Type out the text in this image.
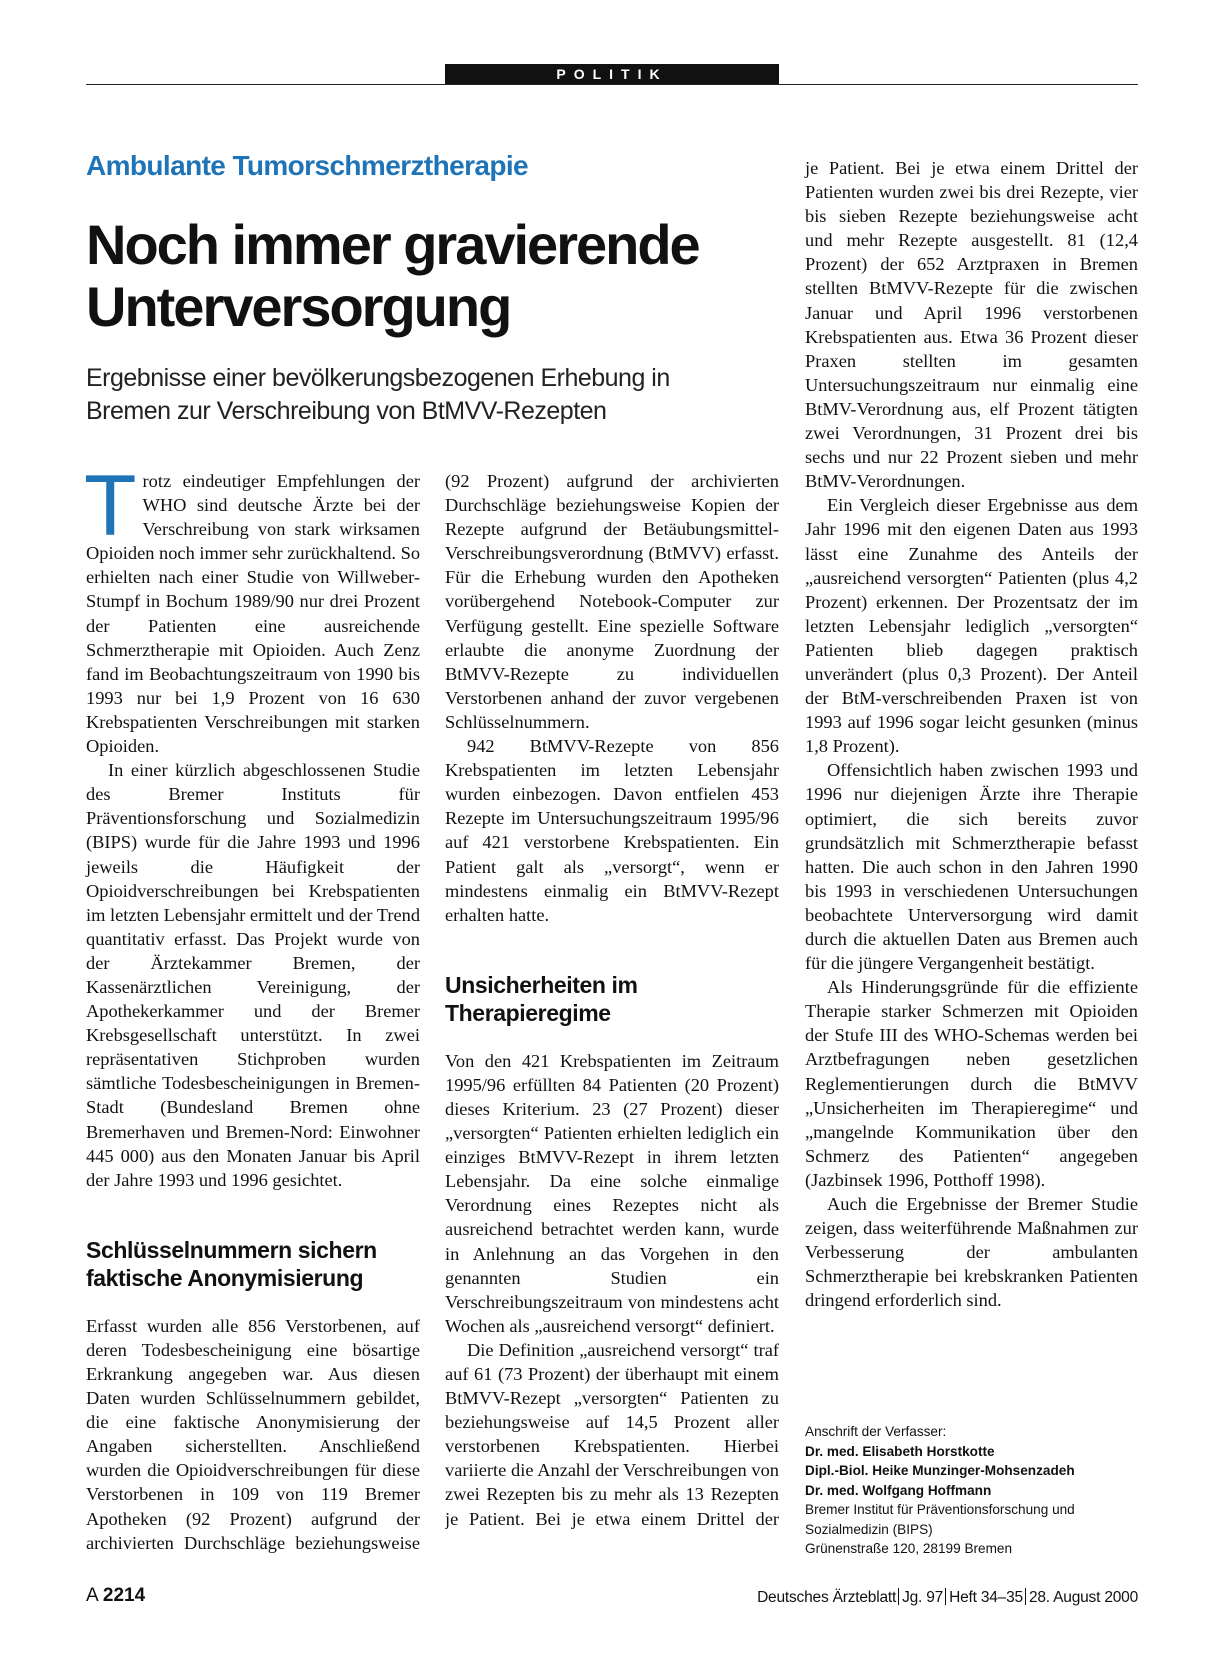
POLITIK
Ambulante Tumorschmerztherapie
Noch immer gravierende
Unterversorgung
Ergebnisse einer bevölkerungsbezogenen Erhebung in
Bremen zur Verschreibung von BtMVV-Rezepten

Trotz eindeutiger Empfehlungen der WHO sind deutsche Ärzte bei der Verschreibung von stark wirksamen Opioiden noch immer sehr zurückhaltend. So erhielten nach einer Studie von Willweber-Stumpf in Bochum 1989/90 nur drei Prozent der Patienten eine ausreichende Schmerztherapie mit Opioiden. Auch Zenz fand im Beobachtungszeitraum von 1990 bis 1993 nur bei 1,9 Prozent von 16 630 Krebspatienten Verschreibungen mit starken Opioiden.

In einer kürzlich abgeschlossenen Studie des Bremer Instituts für Präventionsforschung und Sozialmedizin (BIPS) wurde für die Jahre 1993 und 1996 jeweils die Häufigkeit der Opioidverschreibungen bei Krebspatienten im letzten Lebensjahr ermittelt und der Trend quantitativ erfasst. Das Projekt wurde von der Ärztekammer Bremen, der Kassenärztlichen Vereinigung, der Apothekerkammer und der Bremer Krebsgesellschaft unterstützt. In zwei repräsentativen Stichproben wurden sämtliche Todesbescheinigungen in Bremen-Stadt (Bundesland Bremen ohne Bremerhaven und Bremen-Nord: Einwohner 445 000) aus den Monaten Januar bis April der Jahre 1993 und 1996 gesichtet.

Schlüsselnummern sichern faktische Anonymisierung

Erfasst wurden alle 856 Verstorbenen, auf deren Todesbescheinigung eine bösartige Erkrankung angegeben war. Aus diesen Daten wurden Schlüsselnummern gebildet, die eine faktische Anonymisierung der Angaben sicherstellten. Anschließend wurden die Opioidverschreibungen für diese Verstorbenen in 109 von 119 Bremer Apotheken (92 Prozent) aufgrund der archivierten Durchschläge beziehungsweise

(92 Prozent) aufgrund der archivierten Durchschläge beziehungsweise Kopien der Rezepte aufgrund der Betäubungsmittel-Verschreibungsverordnung (BtMVV) erfasst. Für die Erhebung wurden den Apotheken vorübergehend Notebook-Computer zur Verfügung gestellt. Eine spezielle Software erlaubte die anonyme Zuordnung der BtMVV-Rezepte zu individuellen Verstorbenen anhand der zuvor vergebenen Schlüsselnummern.

942 BtMVV-Rezepte von 856 Krebspatienten im letzten Lebensjahr wurden einbezogen. Davon entfielen 453 Rezepte im Untersuchungszeitraum 1995/96 auf 421 verstorbene Krebspatienten. Ein Patient galt als „versorgt“, wenn er mindestens einmalig ein BtMVV-Rezept erhalten hatte.

Unsicherheiten im Therapieregime

Von den 421 Krebspatienten im Zeitraum 1995/96 erfüllten 84 Patienten (20 Prozent) dieses Kriterium. 23 (27 Prozent) dieser „versorgten“ Patienten erhielten lediglich ein einziges BtMVV-Rezept in ihrem letzten Lebensjahr. Da eine solche einmalige Verordnung eines Rezeptes nicht als ausreichend betrachtet werden kann, wurde in Anlehnung an das Vorgehen in den genannten Studien ein Verschreibungszeitraum von mindestens acht Wochen als „ausreichend versorgt“ definiert.

Die Definition „ausreichend versorgt“ traf auf 61 (73 Prozent) der überhaupt mit einem BtMVV-Rezept „versorgten“ Patienten zu beziehungsweise auf 14,5 Prozent aller verstorbenen Krebspatienten. Hierbei variierte die Anzahl der Verschreibungen von zwei Rezepten bis zu mehr als 13 Rezepten je Patient. Bei je etwa einem Drittel der

je Patient. Bei je etwa einem Drittel der Patienten wurden zwei bis drei Rezepte, vier bis sieben Rezepte beziehungsweise acht und mehr Rezepte ausgestellt. 81 (12,4 Prozent) der 652 Arztpraxen in Bremen stellten BtMVV-Rezepte für die zwischen Januar und April 1996 verstorbenen Krebspatienten aus. Etwa 36 Prozent dieser Praxen stellten im gesamten Untersuchungszeitraum nur einmalig eine BtMV-Verordnung aus, elf Prozent tätigten zwei Verordnungen, 31 Prozent drei bis sechs und nur 22 Prozent sieben und mehr BtMV-Verordnungen.

Ein Vergleich dieser Ergebnisse aus dem Jahr 1996 mit den eigenen Daten aus 1993 lässt eine Zunahme des Anteils der „ausreichend versorgten“ Patienten (plus 4,2 Prozent) erkennen. Der Prozentsatz der im letzten Lebensjahr lediglich „versorgten“ Patienten blieb dagegen praktisch unverändert (plus 0,3 Prozent). Der Anteil der BtM-verschreibenden Praxen ist von 1993 auf 1996 sogar leicht gesunken (minus 1,8 Prozent).

Offensichtlich haben zwischen 1993 und 1996 nur diejenigen Ärzte ihre Therapie optimiert, die sich bereits zuvor grundsätzlich mit Schmerztherapie befasst hatten. Die auch schon in den Jahren 1990 bis 1993 in verschiedenen Untersuchungen beobachtete Unterversorgung wird damit durch die aktuellen Daten aus Bremen auch für die jüngere Vergangenheit bestätigt.

Als Hinderungsgründe für die effiziente Therapie starker Schmerzen mit Opioiden der Stufe III des WHO-Schemas werden bei Arztbefragungen neben gesetzlichen Reglementierungen durch die BtMVV „Unsicherheiten im Therapieregime“ und „mangelnde Kommunikation über den Schmerz des Patienten“ angegeben (Jazbinsek 1996, Potthoff 1998).

Auch die Ergebnisse der Bremer Studie zeigen, dass weiterführende Maßnahmen zur Verbesserung der ambulanten Schmerztherapie bei krebskranken Patienten dringend erforderlich sind.

Anschrift der Verfasser:
Dr. med. Elisabeth Horstkotte
Dipl.-Biol. Heike Munzinger-Mohsenzadeh
Dr. med. Wolfgang Hoffmann
Bremer Institut für Präventionsforschung und
Sozialmedizin (BIPS)
Grünenstraße 120, 28199 Bremen
A 2214	Deutsches Ärzteblatt Jg. 97 Heft 34–35 28. August 2000
